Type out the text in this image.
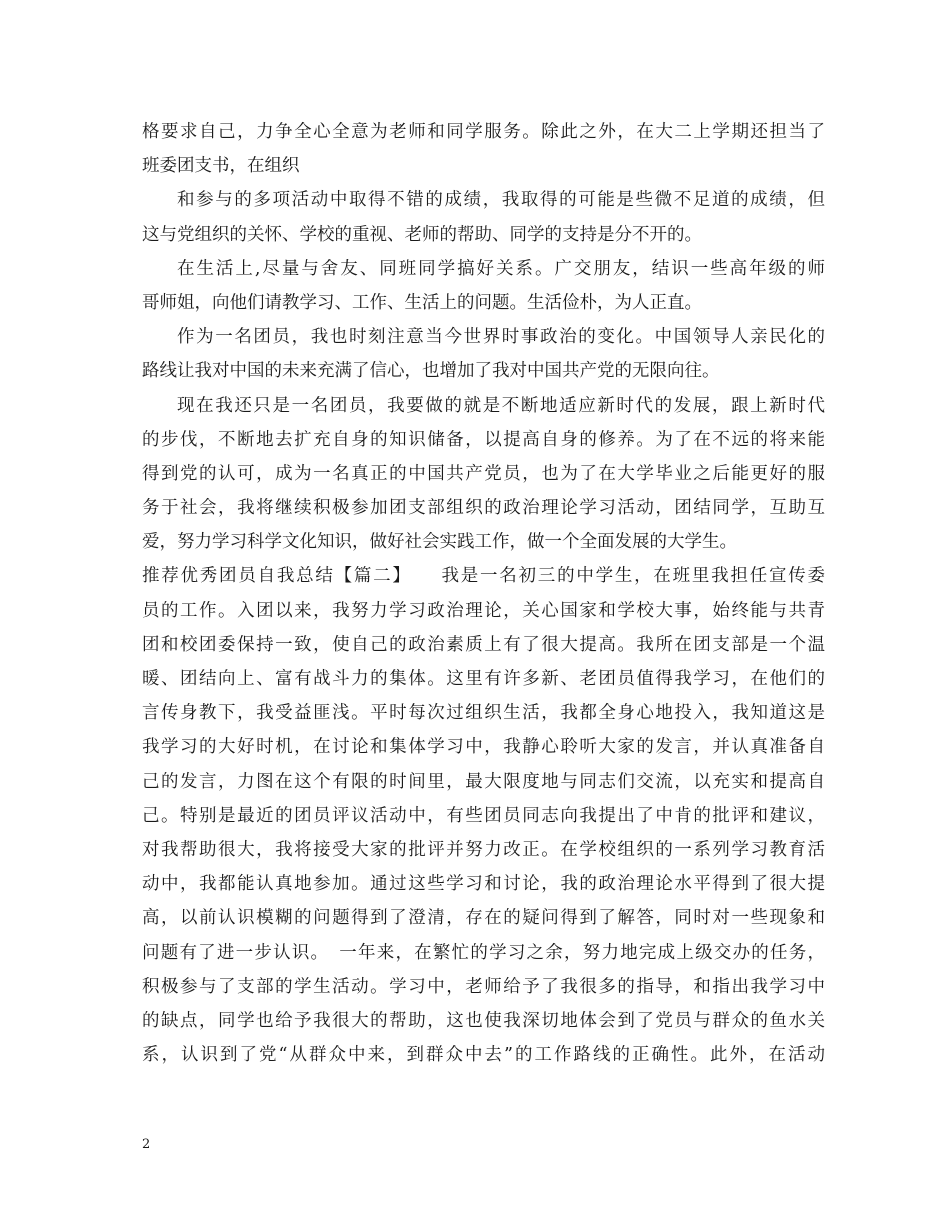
格要求自己，力争全心全意为老师和同学服务。除此之外，在大二上学期还担当了
班委团支书，在组织
和参与的多项活动中取得不错的成绩，我取得的可能是些微不足道的成绩，但
这与党组织的关怀、学校的重视、老师的帮助、同学的支持是分不开的。
在生活上,尽量与舍友、同班同学搞好关系。广交朋友，结识一些高年级的师
哥师姐，向他们请教学习、工作、生活上的问题。生活俭朴，为人正直。
作为一名团员，我也时刻注意当今世界时事政治的变化。中国领导人亲民化的
路线让我对中国的未来充满了信心，也增加了我对中国共产党的无限向往。
现在我还只是一名团员，我要做的就是不断地适应新时代的发展，跟上新时代
的步伐，不断地去扩充自身的知识储备，以提高自身的修养。为了在不远的将来能
得到党的认可，成为一名真正的中国共产党员，也为了在大学毕业之后能更好的服
务于社会，我将继续积极参加团支部组织的政治理论学习活动，团结同学，互助互
爱，努力学习科学文化知识，做好社会实践工作，做一个全面发展的大学生。
推荐优秀团员自我总结【篇二】　　我是一名初三的中学生，在班里我担任宣传委
员的工作。入团以来，我努力学习政治理论，关心国家和学校大事，始终能与共青
团和校团委保持一致，使自己的政治素质上有了很大提高。我所在团支部是一个温
暖、团结向上、富有战斗力的集体。这里有许多新、老团员值得我学习，在他们的
言传身教下，我受益匪浅。平时每次过组织生活，我都全身心地投入，我知道这是
我学习的大好时机，在讨论和集体学习中，我静心聆听大家的发言，并认真准备自
己的发言，力图在这个有限的时间里，最大限度地与同志们交流，以充实和提高自
己。特别是最近的团员评议活动中，有些团员同志向我提出了中肯的批评和建议，
对我帮助很大，我将接受大家的批评并努力改正。在学校组织的一系列学习教育活
动中，我都能认真地参加。通过这些学习和讨论，我的政治理论水平得到了很大提
高，以前认识模糊的问题得到了澄清，存在的疑问得到了解答，同时对一些现象和
问题有了进一步认识。　一年来，在繁忙的学习之余，努力地完成上级交办的任务，
积极参与了支部的学生活动。学习中，老师给予了我很多的指导，和指出我学习中
的缺点，同学也给予我很大的帮助，这也使我深切地体会到了党员与群众的鱼水关
系，认识到了党“从群众中来，到群众中去”的工作路线的正确性。此外，在活动
2
